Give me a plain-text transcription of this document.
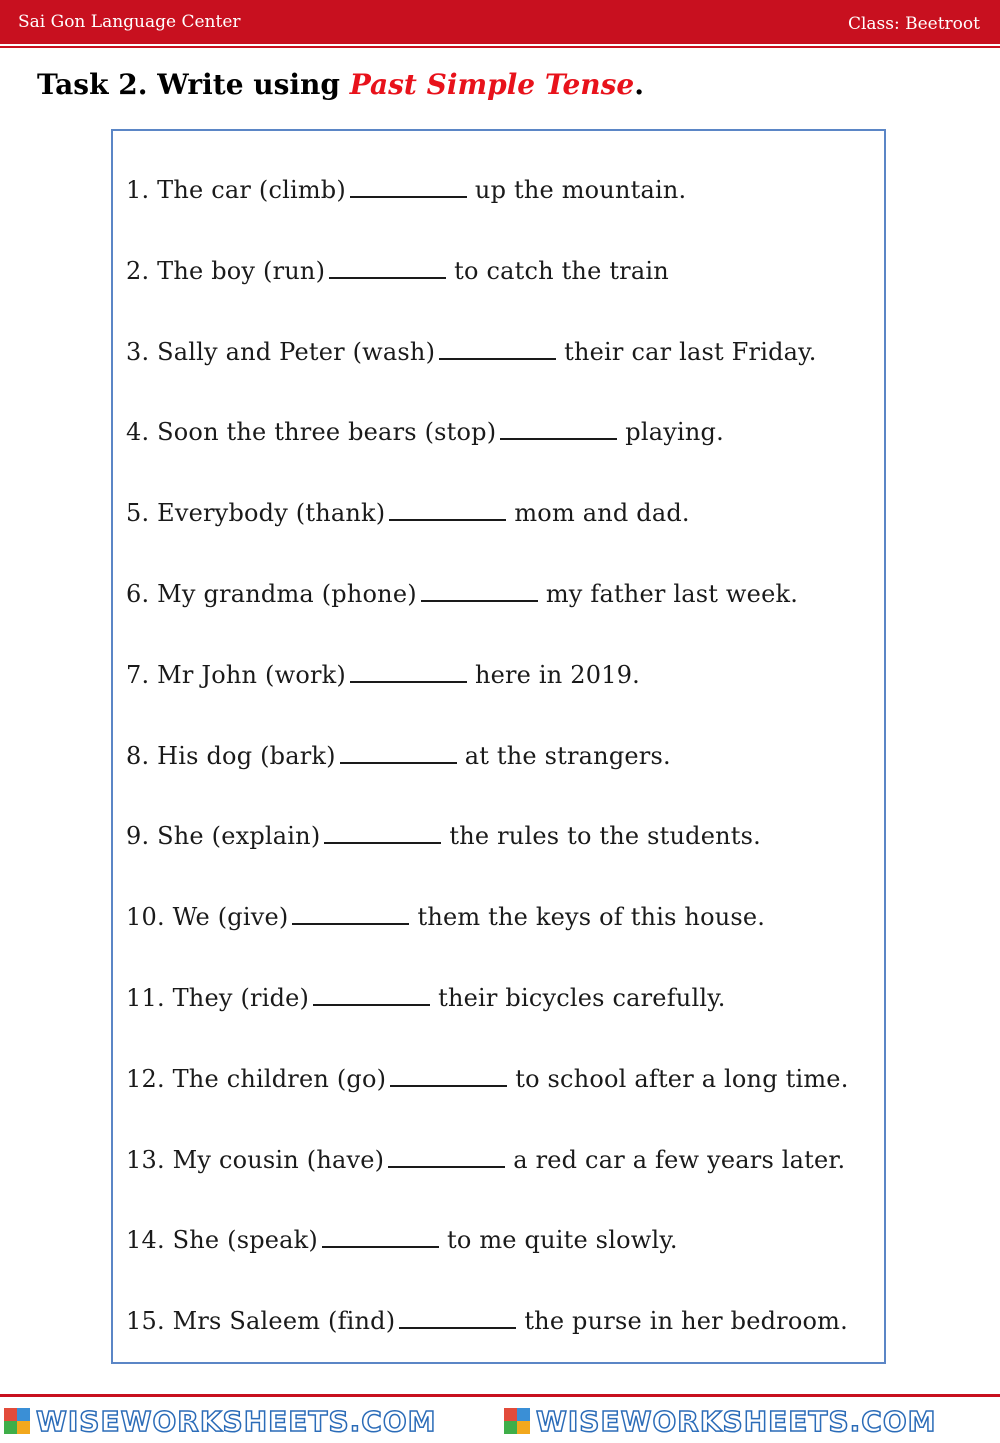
Sai Gon Language Center	Class: Beetroot
Task 2. Write using Past Simple Tense.
1. The car (climb)	up the mountain.
2. The boy (run)	to catch the train
3. Sally and Peter (wash)	their car last Friday.
4. Soon the three bears (stop)	playing.
5. Everybody (thank)	mom and dad.
6. My grandma (phone)	my father last week.
7. Mr John (work)	here in 2019.
8. His dog (bark)	at the strangers.
9. She (explain)	the rules to the students.
10. We (give)	them the keys of this house.
11. They (ride)	their bicycles carefully.
12. The children (go)	to school after a long time.
13. My cousin (have)	a red car a few years later.
14. She (speak)	to me quite slowly.
15. Mrs Saleem (find)	the purse in her bedroom.
WISEWORKSHEETS.COM	WISEWORKSHEETS.COM
